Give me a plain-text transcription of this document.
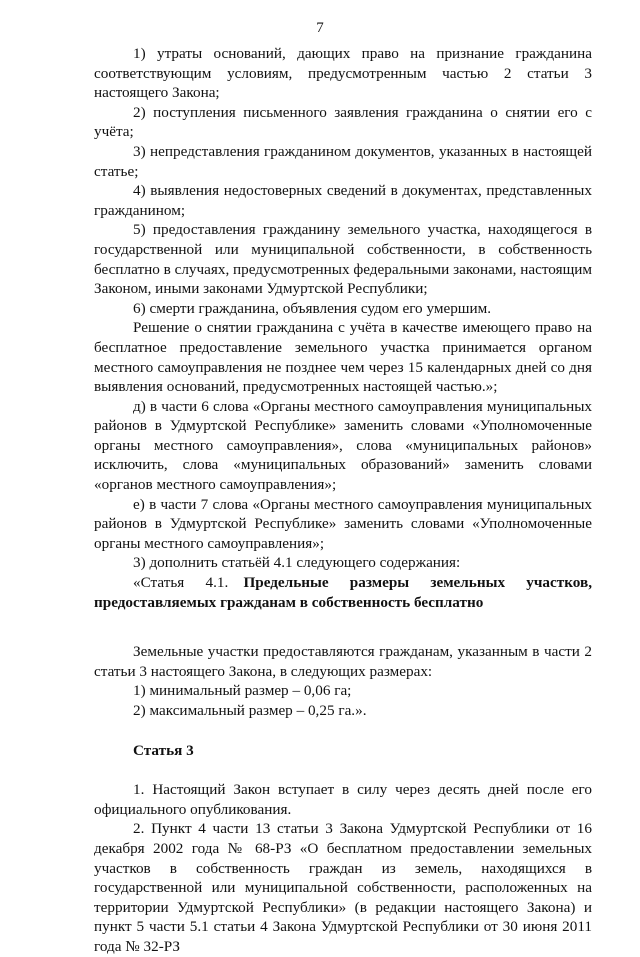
7

1) утраты оснований, дающих право на признание гражданина соответствующим условиям, предусмотренным частью 2 статьи 3 настоящего Закона;

2) поступления письменного заявления гражданина о снятии его с учёта;

3) непредставления гражданином документов, указанных в настоящей статье;

4) выявления недостоверных сведений в документах, представленных гражданином;

5) предоставления гражданину земельного участка, находящегося в государственной или муниципальной собственности, в собственность бесплатно в случаях, предусмотренных федеральными законами, настоящим Законом, иными законами Удмуртской Республики;

6) смерти гражданина, объявления судом его умершим.

Решение о снятии гражданина с учёта в качестве имеющего право на бесплатное предоставление земельного участка принимается органом местного самоуправления не позднее чем через 15 календарных дней со дня выявления оснований, предусмотренных настоящей частью.»;

д) в части 6 слова «Органы местного самоуправления муниципальных районов в Удмуртской Республике» заменить словами «Уполномоченные органы местного самоуправления», слова «муниципальных районов» исключить, слова «муниципальных образований» заменить словами «органов местного самоуправления»;

е) в части 7 слова «Органы местного самоуправления муниципальных районов в Удмуртской Республике» заменить словами «Уполномоченные органы местного самоуправления»;

3) дополнить статьёй 4.1 следующего содержания:

«Статья 4.1.   Предельные размеры земельных участков, предоставляемых гражданам в собственность бесплатно

Земельные участки предоставляются гражданам, указанным в части 2 статьи 3 настоящего Закона, в следующих размерах:

1) минимальный размер – 0,06 га;

2) максимальный размер – 0,25 га.».

Статья 3

1. Настоящий Закон вступает в силу через десять дней после его официального опубликования.

2. Пункт 4 части 13 статьи 3 Закона Удмуртской Республики от 16 декабря 2002 года № 68-РЗ «О бесплатном предоставлении земельных участков в собственность граждан из земель, находящихся в государственной или муниципальной собственности, расположенных на территории Удмуртской Республики» (в редакции настоящего Закона) и пункт 5 части 5.1 статьи 4 Закона Удмуртской Республики от 30 июня 2011 года № 32-РЗ
